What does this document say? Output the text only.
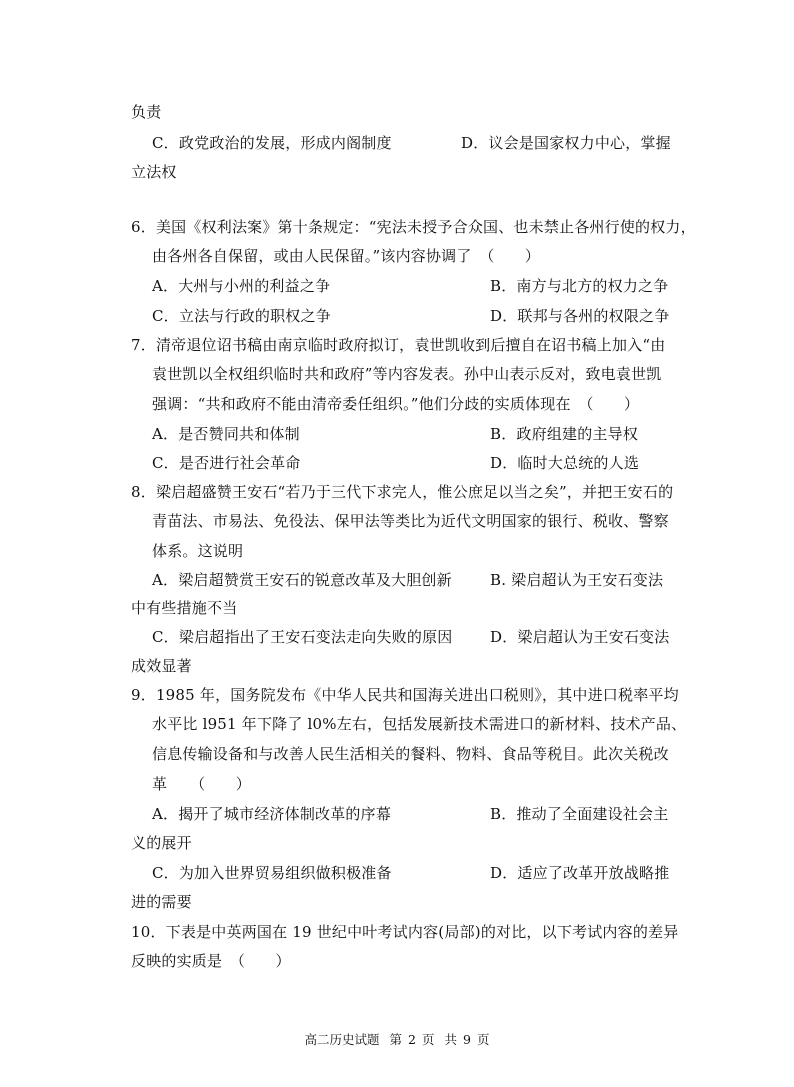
负责
C．政党政治的发展，形成内阁制度	D．议会是国家权力中心，掌握
立法权
6．美国《权利法案》第十条规定：“宪法未授予合众国、也未禁止各州行使的权力，
由各州各自保留，或由人民保留。”该内容协调了　（　　）
A．大州与小州的利益之争	B．南方与北方的权力之争
C．立法与行政的职权之争	D．联邦与各州的权限之争
7．清帝退位诏书稿由南京临时政府拟订，袁世凯收到后擅自在诏书稿上加入“由
袁世凯以全权组织临时共和政府”等内容发表。孙中山表示反对，致电袁世凯
强调：“共和政府不能由清帝委任组织。”他们分歧的实质体现在　（　　）
A．是否赞同共和体制	B．政府组建的主导权
C．是否进行社会革命	D．临时大总统的人选
8．梁启超盛赞王安石“若乃于三代下求完人，惟公庶足以当之矣”，并把王安石的
青苗法、市易法、免役法、保甲法等类比为近代文明国家的银行、税收、警察
体系。这说明
A．梁启超赞赏王安石的锐意改革及大胆创新	B. 梁启超认为王安石变法
中有些措施不当
C．梁启超指出了王安石变法走向失败的原因	D．梁启超认为王安石变法
成效显著
9．1985 年，国务院发布《中华人民共和国海关进出口税则》，其中进口税率平均
水平比 l951 年下降了 l0%左右，包括发展新技术需进口的新材料、技术产品、
信息传输设备和与改善人民生活相关的餐料、物料、食品等税目。此次关税改
革　　（　　）
A．揭开了城市经济体制改革的序幕	B．推动了全面建设社会主
义的展开
C．为加入世界贸易组织做积极准备	D．适应了改革开放战略推
进的需要
10．下表是中英两国在 19 世纪中叶考试内容(局部)的对比，以下考试内容的差异
反映的实质是　（　　）
高二历史试题 第 2 页 共 9 页
